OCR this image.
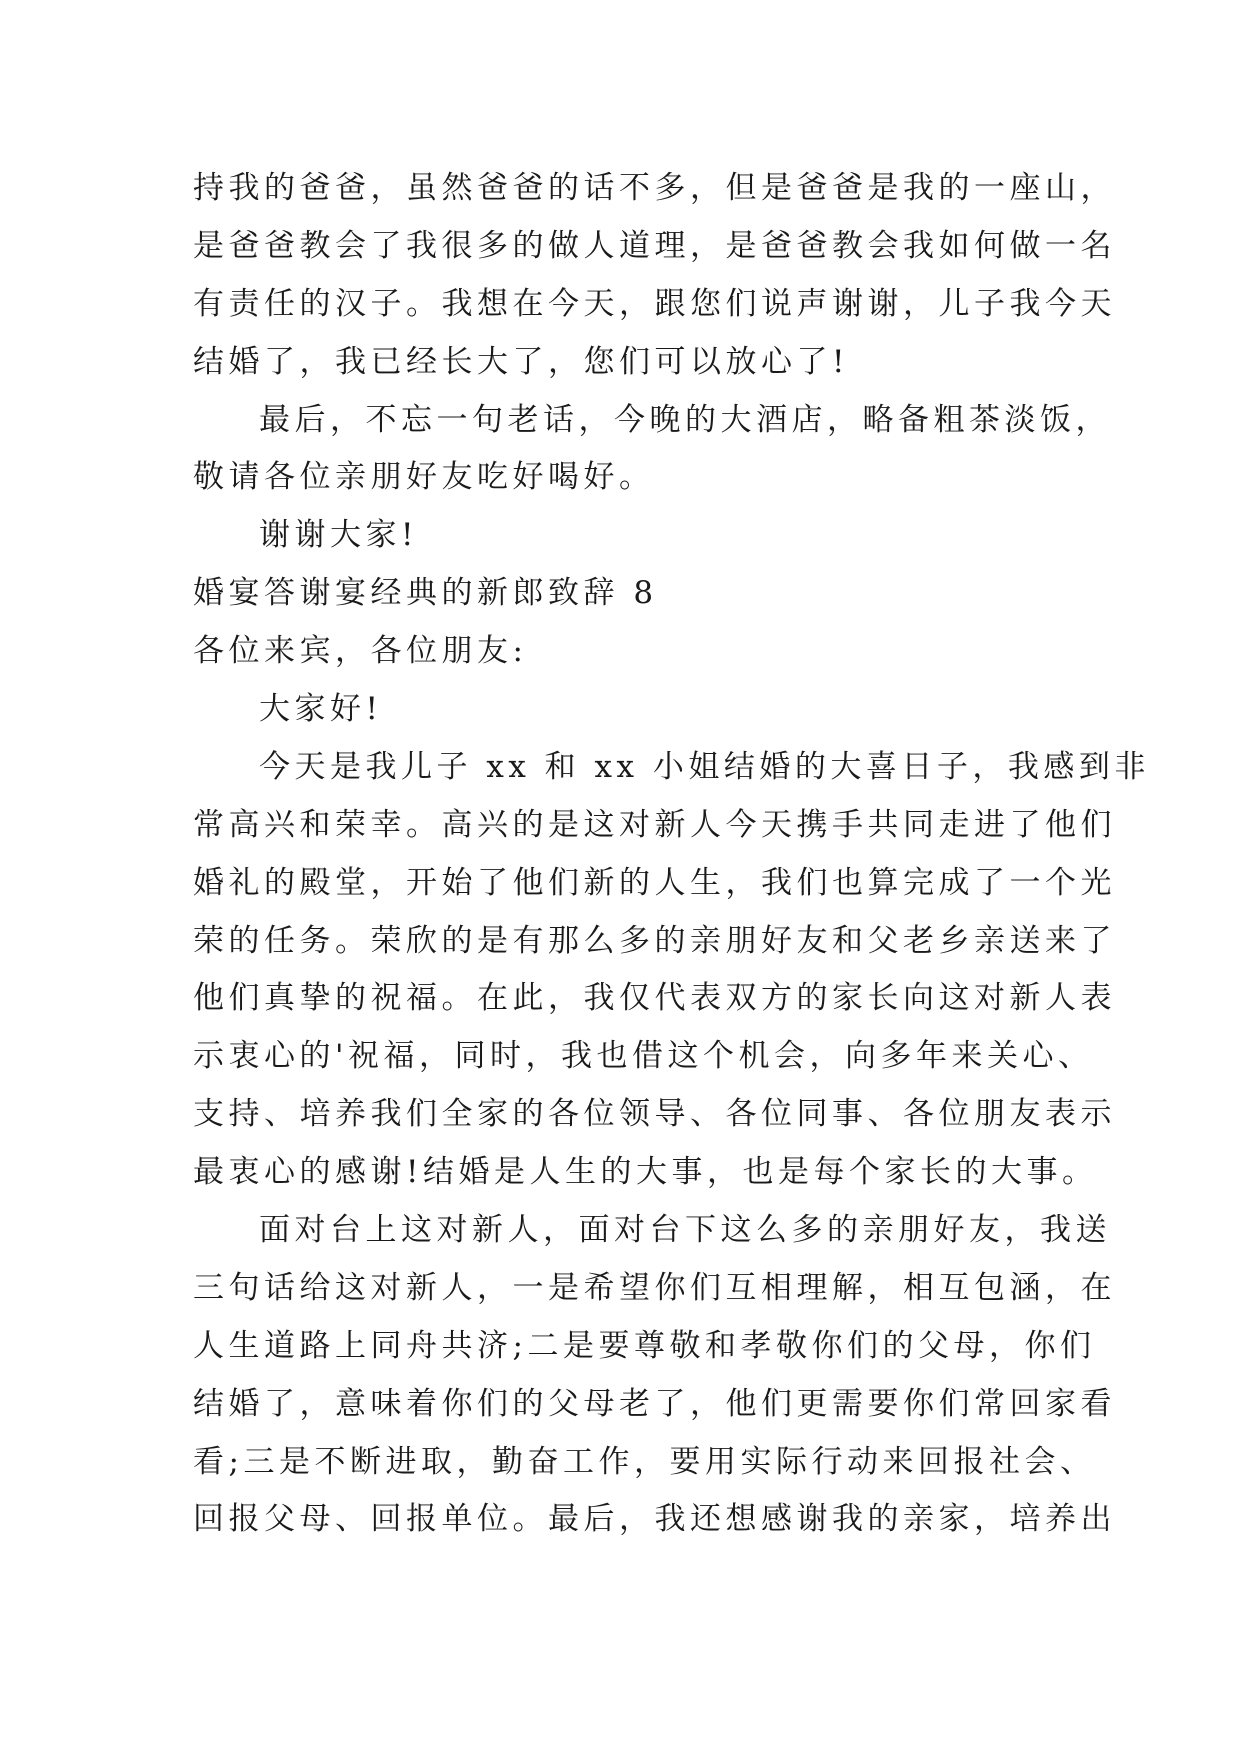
持我的爸爸，虽然爸爸的话不多，但是爸爸是我的一座山，
是爸爸教会了我很多的做人道理，是爸爸教会我如何做一名
有责任的汉子。我想在今天，跟您们说声谢谢，儿子我今天
结婚了，我已经长大了，您们可以放心了!
最后，不忘一句老话，今晚的大酒店，略备粗茶淡饭，
敬请各位亲朋好友吃好喝好。
谢谢大家!
婚宴答谢宴经典的新郎致辞 8
各位来宾，各位朋友:
大家好!
今天是我儿子 xx 和 xx 小姐结婚的大喜日子，我感到非
常高兴和荣幸。高兴的是这对新人今天携手共同走进了他们
婚礼的殿堂，开始了他们新的人生，我们也算完成了一个光
荣的任务。荣欣的是有那么多的亲朋好友和父老乡亲送来了
他们真挚的祝福。在此，我仅代表双方的家长向这对新人表
示衷心的'祝福，同时，我也借这个机会，向多年来关心、
支持、培养我们全家的各位领导、各位同事、各位朋友表示
最衷心的感谢!结婚是人生的大事，也是每个家长的大事。
面对台上这对新人，面对台下这么多的亲朋好友，我送
三句话给这对新人，一是希望你们互相理解，相互包涵，在
人生道路上同舟共济;二是要尊敬和孝敬你们的父母，你们
结婚了，意味着你们的父母老了，他们更需要你们常回家看
看;三是不断进取，勤奋工作，要用实际行动来回报社会、
回报父母、回报单位。最后，我还想感谢我的亲家，培养出
